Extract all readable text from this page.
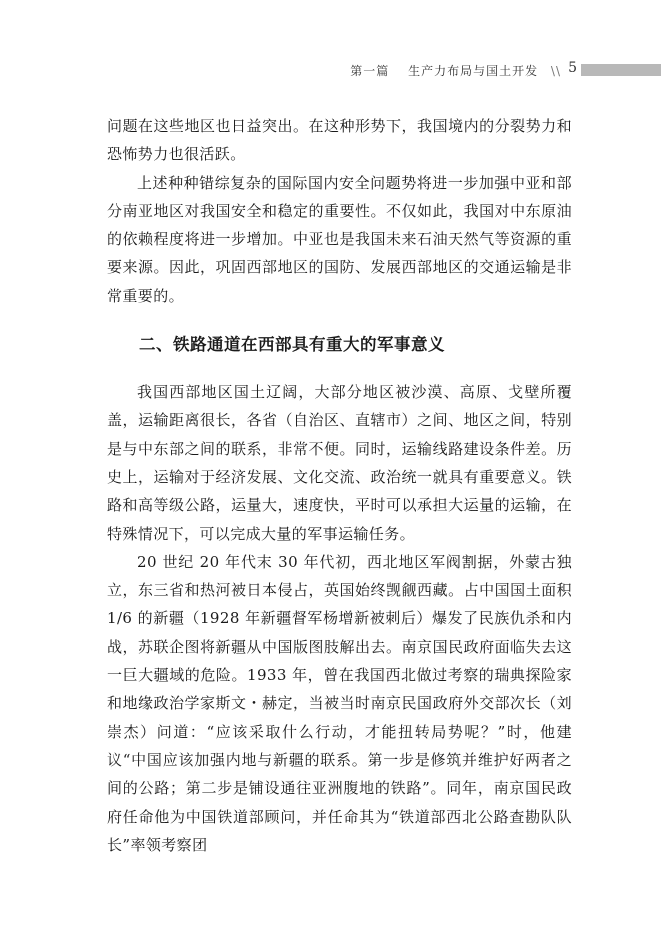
第一篇 生产力布局与国土开发 \\ 5

问题在这些地区也日益突出。在这种形势下，我国境内的分裂势力和恐怖势力也很活跃。

上述种种错综复杂的国际国内安全问题势将进一步加强中亚和部分南亚地区对我国安全和稳定的重要性。不仅如此，我国对中东原油的依赖程度将进一步增加。中亚也是我国未来石油天然气等资源的重要来源。因此，巩固西部地区的国防、发展西部地区的交通运输是非常重要的。

二、铁路通道在西部具有重大的军事意义

我国西部地区国土辽阔，大部分地区被沙漠、高原、戈壁所覆盖，运输距离很长，各省（自治区、直辖市）之间、地区之间，特别是与中东部之间的联系，非常不便。同时，运输线路建设条件差。历史上，运输对于经济发展、文化交流、政治统一就具有重要意义。铁路和高等级公路，运量大，速度快，平时可以承担大运量的运输，在特殊情况下，可以完成大量的军事运输任务。

20 世纪 20 年代末 30 年代初，西北地区军阀割据，外蒙古独立，东三省和热河被日本侵占，英国始终觊觎西藏。占中国国土面积 1/6 的新疆（1928 年新疆督军杨增新被刺后）爆发了民族仇杀和内战，苏联企图将新疆从中国版图肢解出去。南京国民政府面临失去这一巨大疆域的危险。1933 年，曾在我国西北做过考察的瑞典探险家和地缘政治学家斯文・赫定，当被当时南京民国政府外交部次长（刘崇杰）问道：“应该采取什么行动，才能扭转局势呢？”时，他建议“中国应该加强内地与新疆的联系。第一步是修筑并维护好两者之间的公路；第二步是铺设通往亚洲腹地的铁路”。同年，南京国民政府任命他为中国铁道部顾问，并任命其为“铁道部西北公路查勘队队长”率领考察团
